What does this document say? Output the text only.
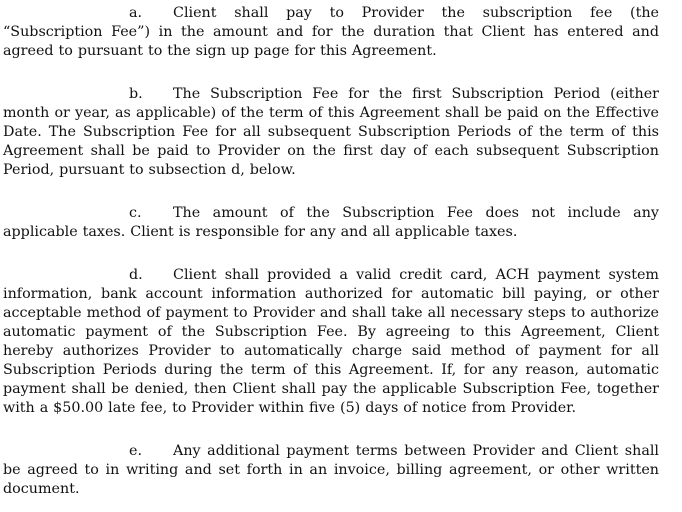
a. Client shall pay to Provider the subscription fee (the “Subscription Fee”) in the amount and for the duration that Client has entered and agreed to pursuant to the sign up page for this Agreement.

b. The Subscription Fee for the first Subscription Period (either month or year, as applicable) of the term of this Agreement shall be paid on the Effective Date. The Subscription Fee for all subsequent Subscription Periods of the term of this Agreement shall be paid to Provider on the first day of each subsequent Subscription Period, pursuant to subsection d, below.

c. The amount of the Subscription Fee does not include any applicable taxes. Client is responsible for any and all applicable taxes.

d. Client shall provided a valid credit card, ACH payment system information, bank account information authorized for automatic bill paying, or other acceptable method of payment to Provider and shall take all necessary steps to authorize automatic payment of the Subscription Fee. By agreeing to this Agreement, Client hereby authorizes Provider to automatically charge said method of payment for all Subscription Periods during the term of this Agreement. If, for any reason, automatic payment shall be denied, then Client shall pay the applicable Subscription Fee, together with a $50.00 late fee, to Provider within five (5) days of notice from Provider.

e. Any additional payment terms between Provider and Client shall be agreed to in writing and set forth in an invoice, billing agreement, or other written document.
